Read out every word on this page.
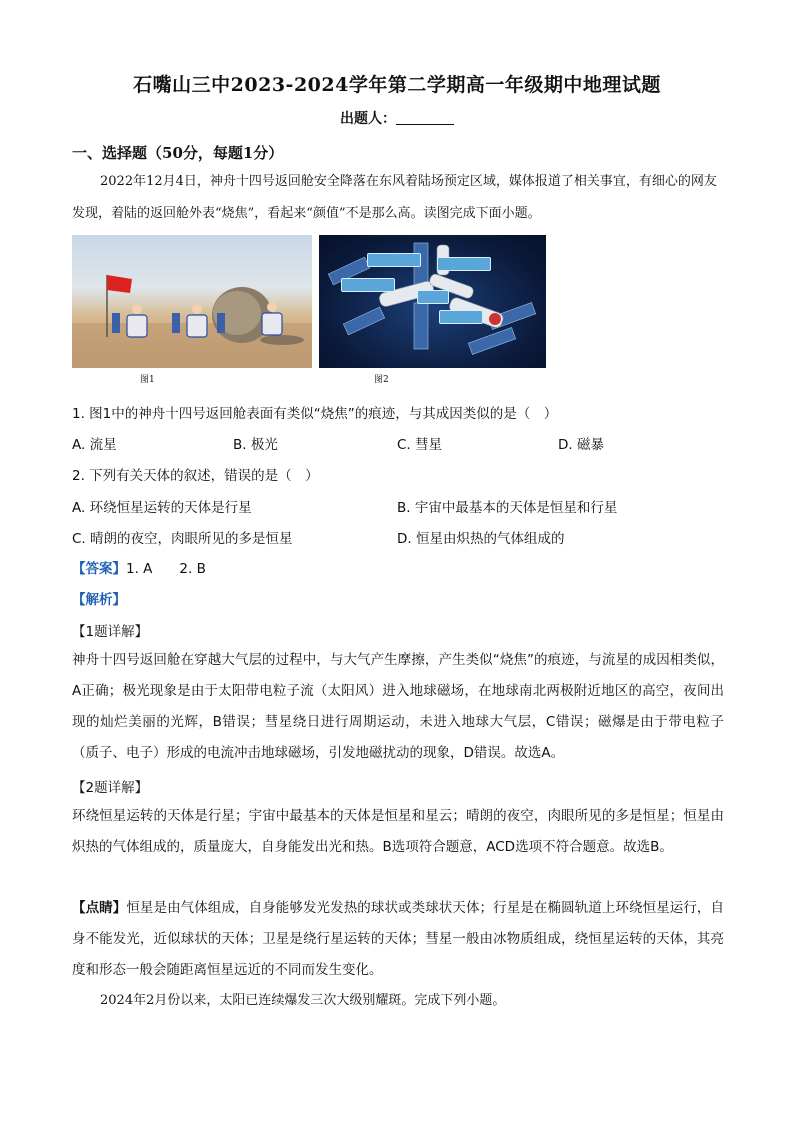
石嘴山三中2023-2024学年第二学期高一年级期中地理试题
出题人：
一、选择题（50分，每题1分）
2022年12月4日，神舟十四号返回舱安全降落在东风着陆场预定区域，媒体报道了相关事宜，有细心的网友发现，着陆的返回舱外表“烧焦”，看起来“颜值”不是那么高。读图完成下面小题。
图1	图2
1. 图1中的神舟十四号返回舱表面有类似“烧焦”的痕迹，与其成因类似的是（　）
A. 流星	B. 极光	C. 彗星	D. 磁暴
2. 下列有关天体的叙述，错误的是（　）
A. 环绕恒星运转的天体是行星	B. 宇宙中最基本的天体是恒星和行星
C. 晴朗的夜空，肉眼所见的多是恒星	D. 恒星由炽热的气体组成的
【答案】1. A　　2. B
【解析】
【1题详解】
神舟十四号返回舱在穿越大气层的过程中，与大气产生摩擦，产生类似“烧焦”的痕迹，与流星的成因相类似，A正确；极光现象是由于太阳带电粒子流（太阳风）进入地球磁场，在地球南北两极附近地区的高空，夜间出现的灿烂美丽的光辉，B错误；彗星绕日进行周期运动，未进入地球大气层，C错误；磁爆是由于带电粒子（质子、电子）形成的电流冲击地球磁场，引发地磁扰动的现象，D错误。故选A。
【2题详解】
环绕恒星运转的天体是行星；宇宙中最基本的天体是恒星和星云；晴朗的夜空，肉眼所见的多是恒星；恒星由炽热的气体组成的，质量庞大，自身能发出光和热。B选项符合题意，ACD选项不符合题意。故选B。
【点睛】恒星是由气体组成，自身能够发光发热的球状或类球状天体；行星是在椭圆轨道上环绕恒星运行，自身不能发光，近似球状的天体；卫星是绕行星运转的天体；彗星一般由冰物质组成，绕恒星运转的天体，其亮度和形态一般会随距离恒星远近的不同而发生变化。
2024年2月份以来，太阳已连续爆发三次大级别耀斑。完成下列小题。
